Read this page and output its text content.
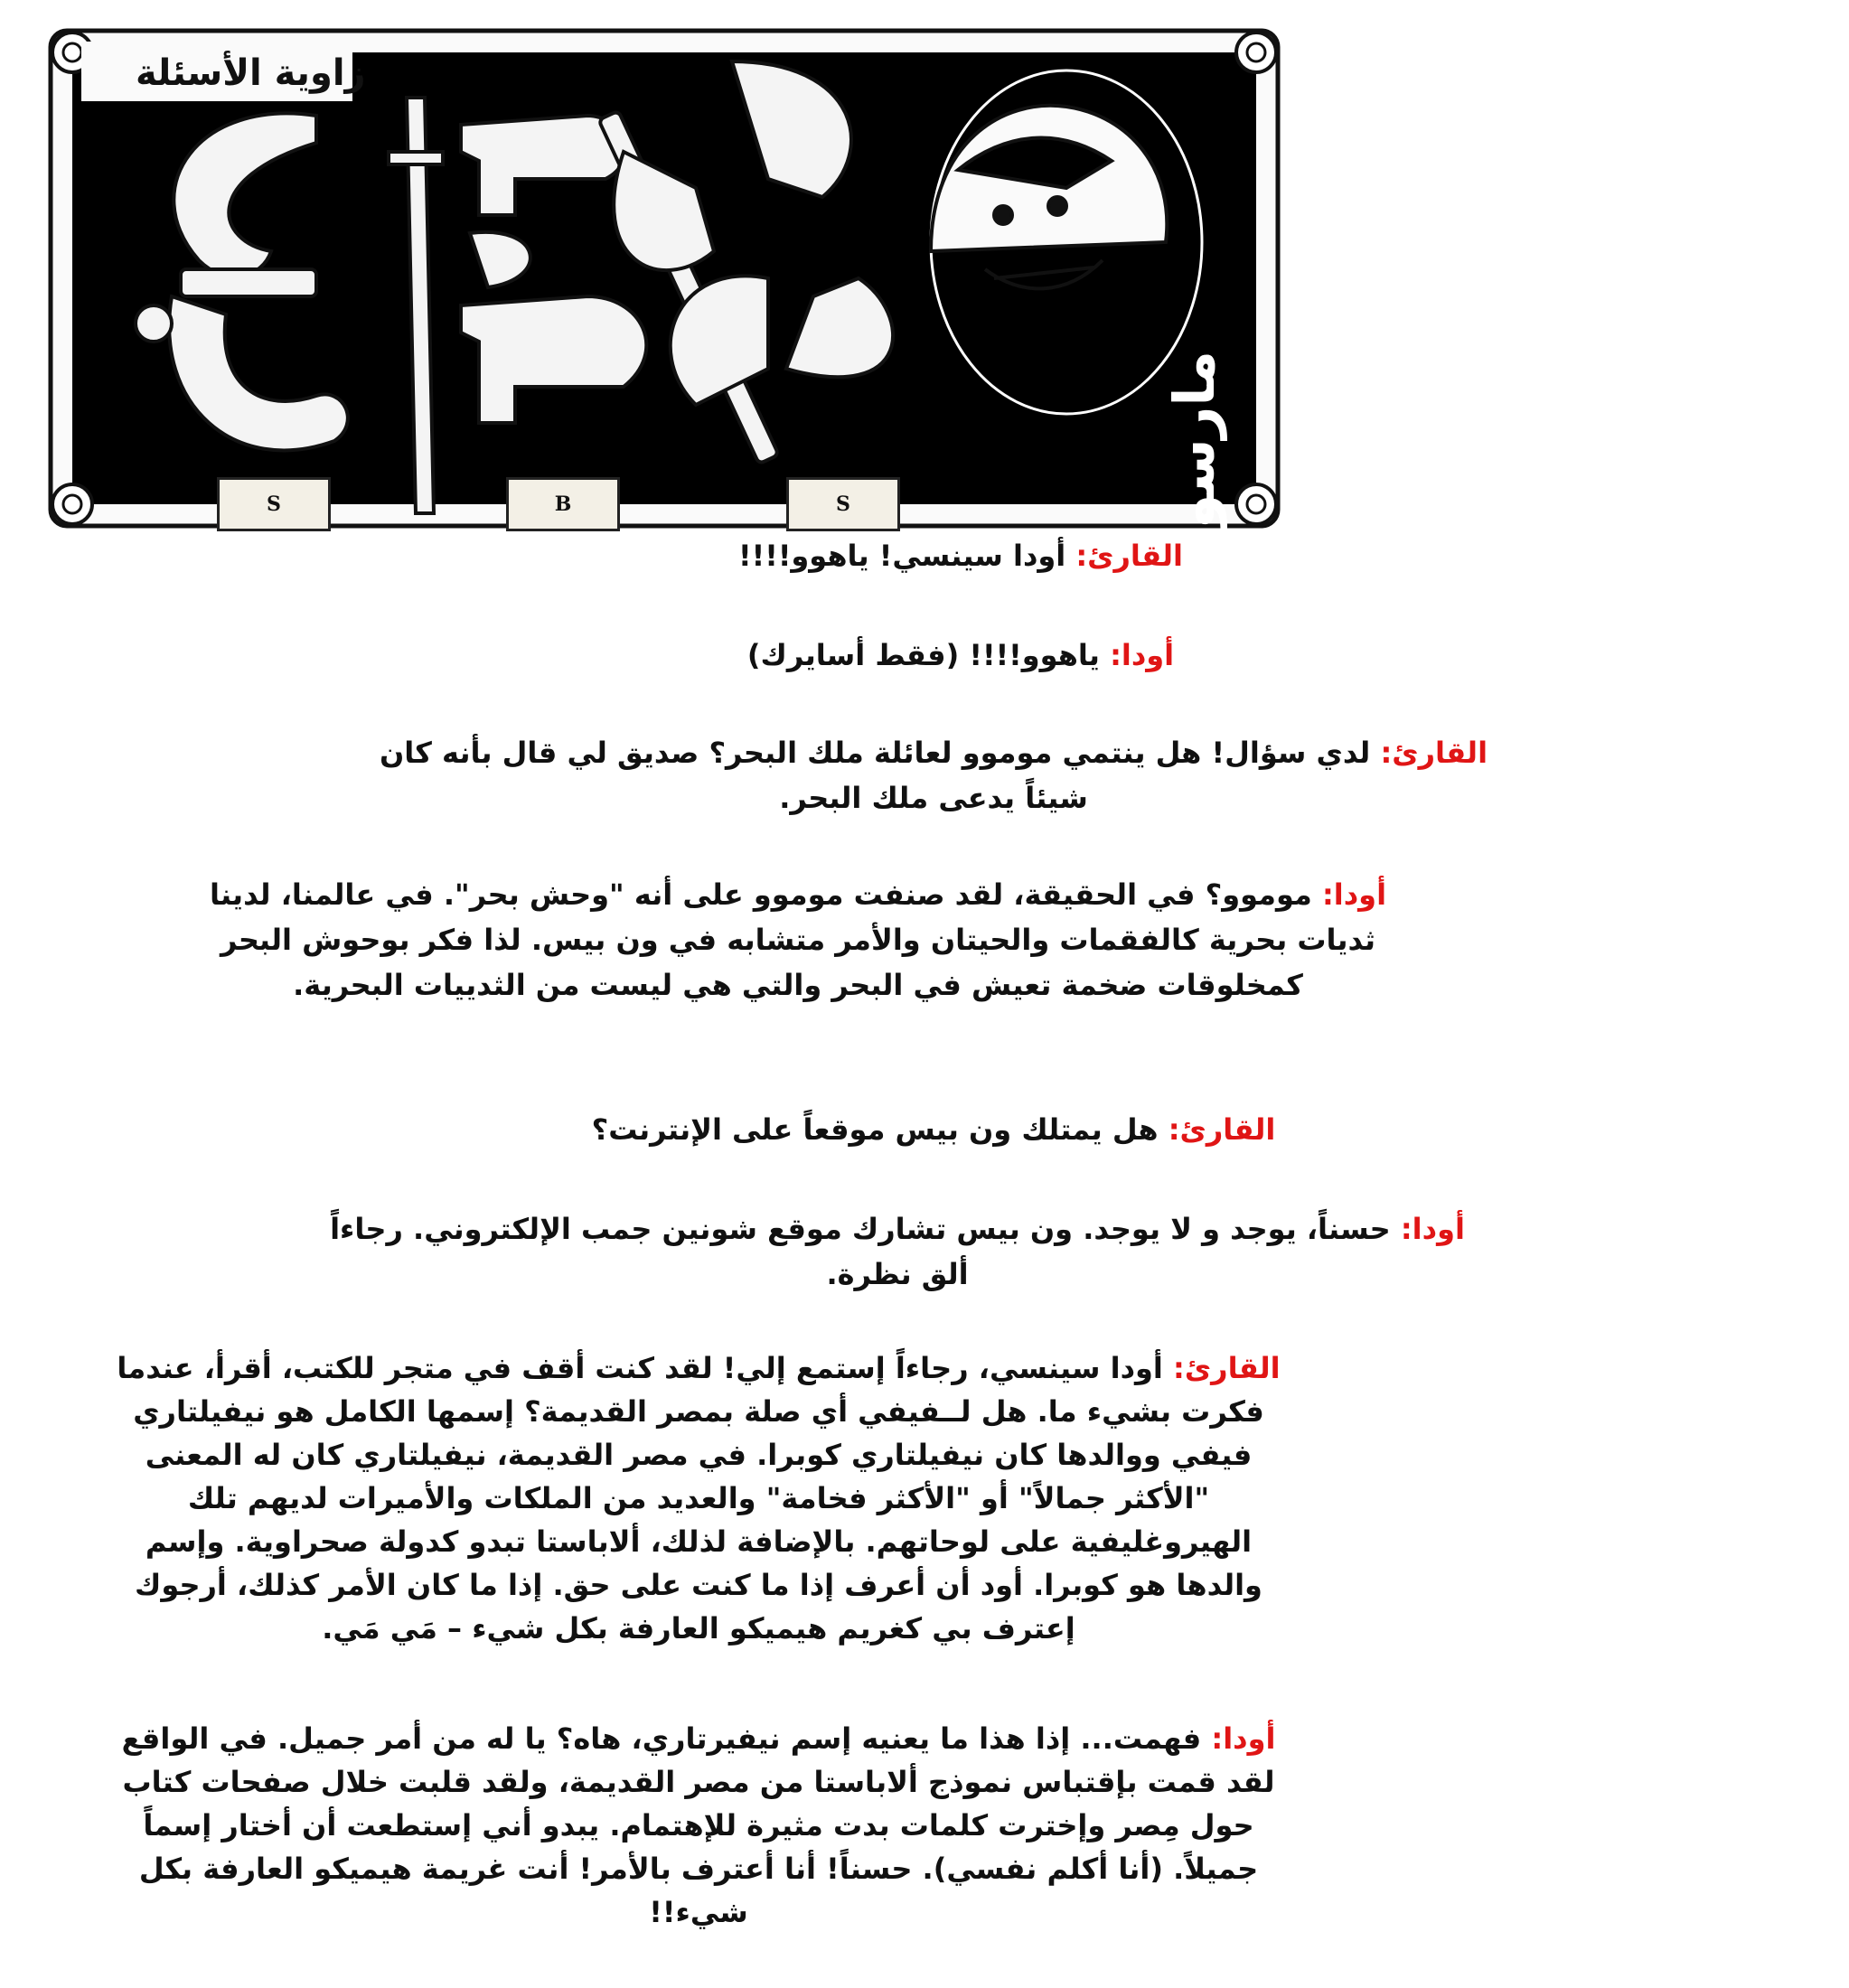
زاوية الأسئلة
مارسو
S	B	S

القارئ: أودا سينسي! ياهوو!!!!

أودا: ياهوو!!!! (فقط أسايرك)

القارئ: لدي سؤال! هل ينتمي موموو لعائلة ملك البحر؟ صديق لي قال بأنه كان شيئاً يدعى ملك البحر.

أودا: موموو؟ في الحقيقة، لقد صنفت موموو على أنه "وحش بحر". في عالمنا، لدينا ثديات بحرية كالفقمات والحيتان والأمر متشابه في ون بيس. لذا فكر بوحوش البحر كمخلوقات ضخمة تعيش في البحر والتي هي ليست من الثدييات البحرية.

القارئ: هل يمتلك ون بيس موقعاً على الإنترنت؟

أودا: حسناً، يوجد و لا يوجد. ون بيس تشارك موقع شونين جمب الإلكتروني. رجاءاً ألق نظرة.

القارئ: أودا سينسي، رجاءاً إستمع إلي! لقد كنت أقف في متجر للكتب، أقرأ، عندما فكرت بشيء ما. هل لــفيفي أي صلة بمصر القديمة؟ إسمها الكامل هو نيفيلتاري فيفي ووالدها كان نيفيلتاري كوبرا. في مصر القديمة، نيفيلتاري كان له المعنى "الأكثر جمالاً" أو "الأكثر فخامة" والعديد من الملكات والأميرات لديهم تلك الهيروغليفية على لوحاتهم. بالإضافة لذلك، ألاباستا تبدو كدولة صحراوية. وإسم والدها هو كوبرا. أود أن أعرف إذا ما كنت على حق. إذا ما كان الأمر كذلك، أرجوك إعترف بي كغريم هيميكو العارفة بكل شيء – مَي مَي.

أودا: فهمت... إذا هذا ما يعنيه إسم نيفيرتاري، هاه؟ يا له من أمر جميل. في الواقع لقد قمت بإقتباس نموذج ألاباستا من مصر القديمة، ولقد قلبت خلال صفحات كتاب حول مِصر وإخترت كلمات بدت مثيرة للإهتمام. يبدو أني إستطعت أن أختار إسماً جميلاً. (أنا أكلم نفسي). حسناً! أنا أعترف بالأمر! أنت غريمة هيميكو العارفة بكل شيء!!
